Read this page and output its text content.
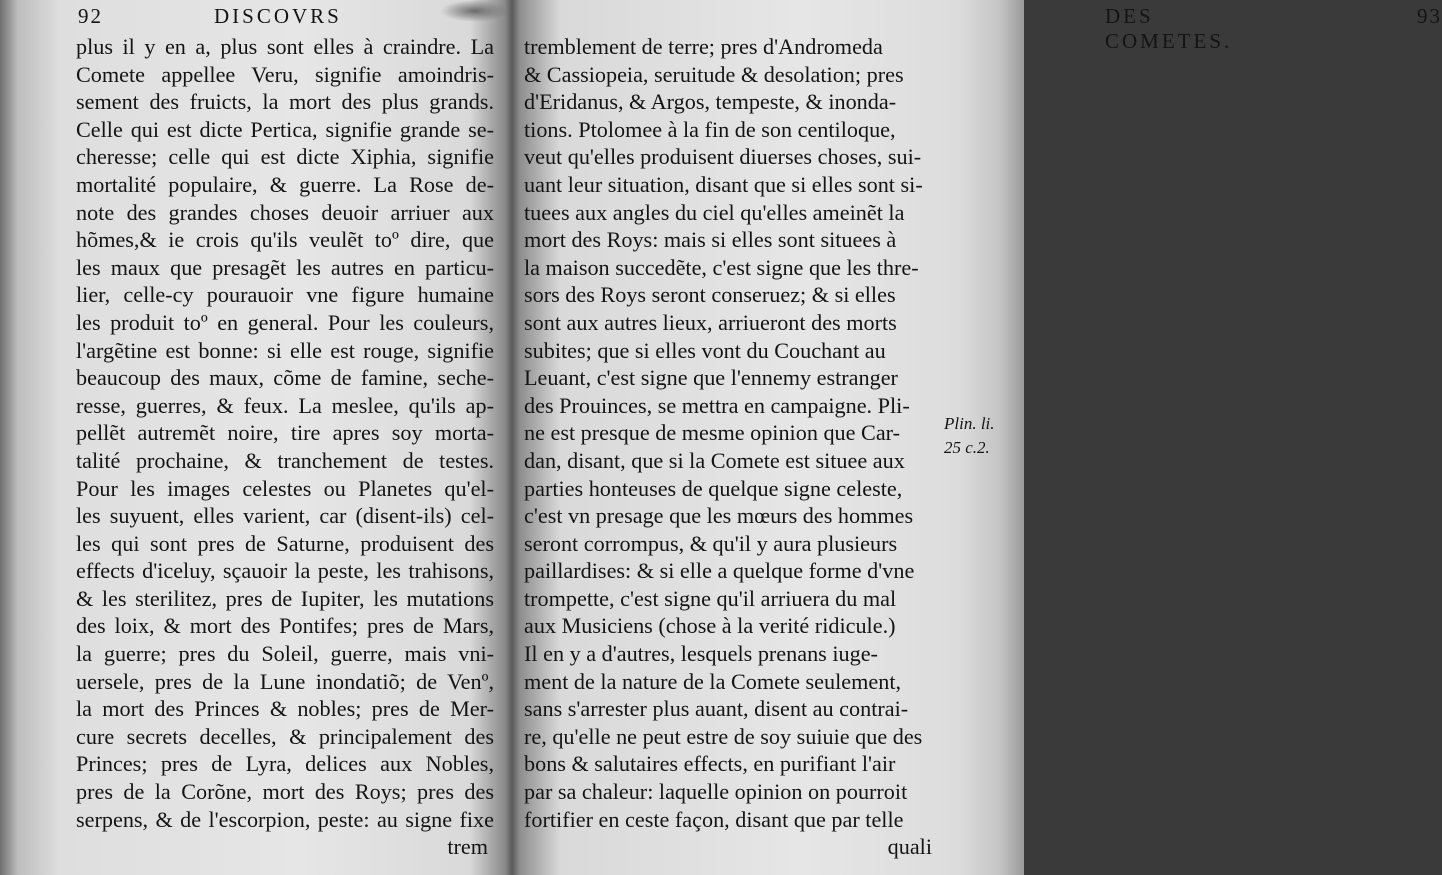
92	DISCOVRS
plus il y en a, plus sont elles à craindre. La
Comete appellee Veru, signifie amoindris-
sement des fruicts, la mort des plus grands.
Celle qui est dicte Pertica, signifie grande se-
cheresse; celle qui est dicte Xiphia, signifie
mortalité populaire, & guerre. La Rose de-
note des grandes choses deuoir arriuer aux
hõmes,& ie crois qu'ils veulẽt toº dire, que
les maux que presagẽt les autres en particu-
lier, celle-cy pourauoir vne figure humaine
les produit toº en general. Pour les couleurs,
l'argẽtine est bonne: si elle est rouge, signifie
beaucoup des maux, cõme de famine, seche-
resse, guerres, & feux. La meslee, qu'ils ap-
pellẽt autremẽt noire, tire apres soy morta-
talité prochaine, & tranchement de testes.
Pour les images celestes ou Planetes qu'el-
les suyuent, elles varient, car (disent-ils) cel-
les qui sont pres de Saturne, produisent des
effects d'iceluy, sçauoir la peste, les trahisons,
& les sterilitez, pres de Iupiter, les mutations
des loix, & mort des Pontifes; pres de Mars,
la guerre; pres du Soleil, guerre, mais vni-
uersele, pres de la Lune inondatiõ; de Venº,
la mort des Princes & nobles; pres de Mer-
cure secrets decelles, & principalement des
Princes; pres de Lyra, delices aux Nobles,
pres de la Corõne, mort des Roys; pres des
serpens, & de l'escorpion, peste: au signe fixe
trem
DES COMETES.
93
tremblement de terre; pres d'Andromeda
& Cassiopeia, seruitude & desolation; pres
d'Eridanus, & Argos, tempeste, & inonda-
tions. Ptolomee à la fin de son centiloque,
veut qu'elles produisent diuerses choses, sui-
uant leur situation, disant que si elles sont si-
tuees aux angles du ciel qu'elles ameinẽt la
mort des Roys: mais si elles sont situees à
la maison succedẽte, c'est signe que les thre-
sors des Roys seront conseruez; & si elles
sont aux autres lieux, arriueront des morts
subites; que si elles vont du Couchant au
Leuant, c'est signe que l'ennemy estranger
des Prouinces, se mettra en campaigne. Pli-
ne est presque de mesme opinion que Car-
dan, disant, que si la Comete est situee aux
parties honteuses de quelque signe celeste,
c'est vn presage que les mœurs des hommes
seront corrompus, & qu'il y aura plusieurs
paillardises: & si elle a quelque forme d'vne
trompette, c'est signe qu'il arriuera du mal
aux Musiciens (chose à la verité ridicule.)
Il en y a d'autres, lesquels prenans iuge-
ment de la nature de la Comete seulement,
sans s'arrester plus auant, disent au contrai-
re, qu'elle ne peut estre de soy suiuie que des
bons & salutaires effects, en purifiant l'air
par sa chaleur: laquelle opinion on pourroit
fortifier en ceste façon, disant que par telle
quali
Plin. li.
25 c.2.
